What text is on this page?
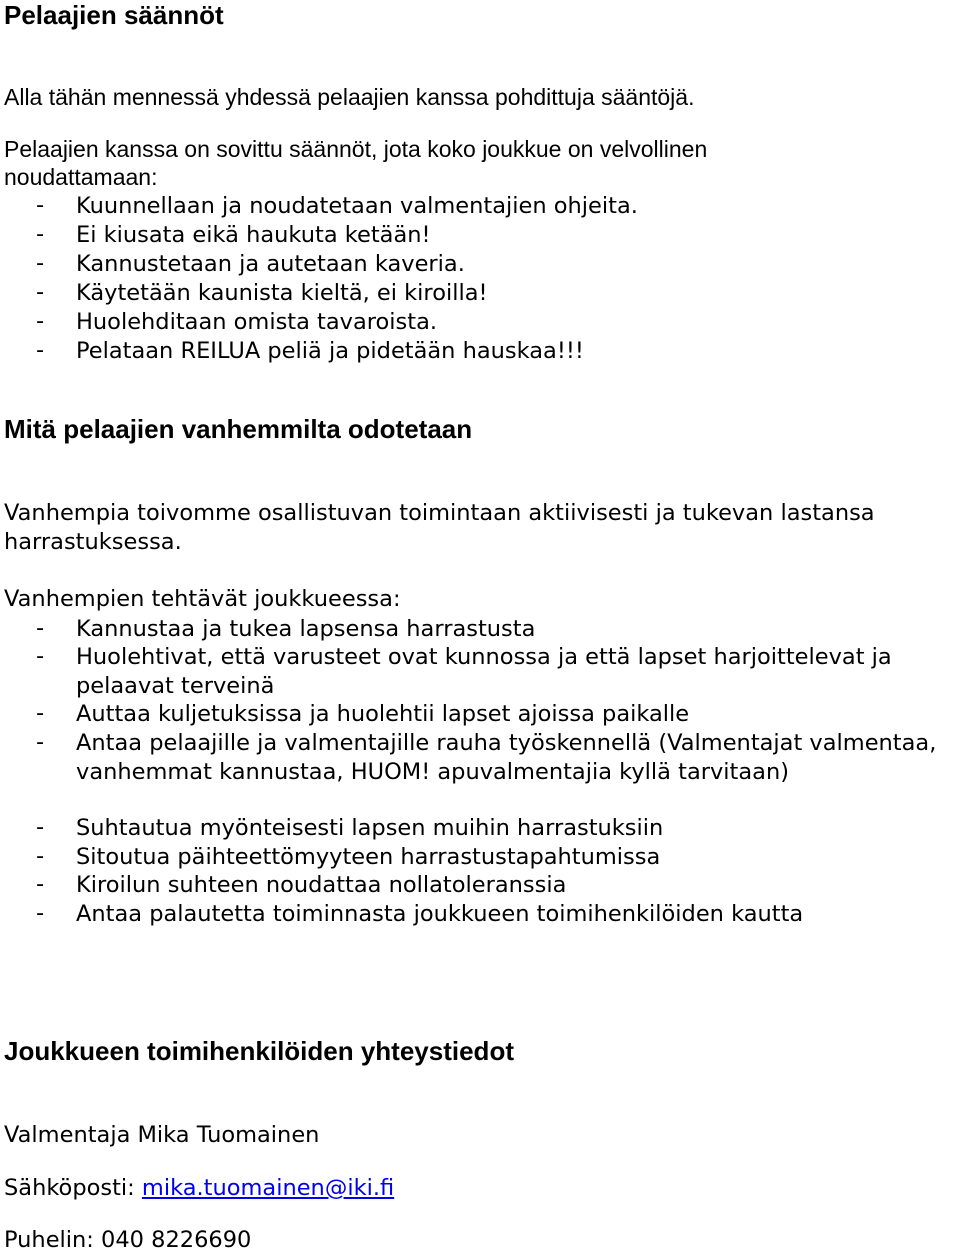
Pelaajien säännöt
Alla tähän mennessä yhdessä pelaajien kanssa pohdittuja sääntöjä.
Pelaajien kanssa on sovittu säännöt, jota koko joukkue on velvollinen
noudattamaan:
- Kuunnellaan ja noudatetaan valmentajien ohjeita.
- Ei kiusata eikä haukuta ketään!
- Kannustetaan ja autetaan kaveria.
- Käytetään kaunista kieltä, ei kiroilla!
- Huolehditaan omista tavaroista.
- Pelataan REILUA peliä ja pidetään hauskaa!!!
Mitä pelaajien vanhemmilta odotetaan
Vanhempia toivomme osallistuvan toimintaan aktiivisesti ja tukevan lastansa
harrastuksessa.
Vanhempien tehtävät joukkueessa:
- Kannustaa ja tukea lapsensa harrastusta
- Huolehtivat, että varusteet ovat kunnossa ja että lapset harjoittelevat ja pelaavat terveinä
- Auttaa kuljetuksissa ja huolehtii lapset ajoissa paikalle
- Antaa pelaajille ja valmentajille rauha työskennellä (Valmentajat valmentaa, vanhemmat kannustaa, HUOM! apuvalmentajia kyllä tarvitaan)
- Suhtautua myönteisesti lapsen muihin harrastuksiin
- Sitoutua päihteettömyyteen harrastustapahtumissa
- Kiroilun suhteen noudattaa nollatoleranssia
- Antaa palautetta toiminnasta joukkueen toimihenkilöiden kautta
Joukkueen toimihenkilöiden yhteystiedot
Valmentaja Mika Tuomainen
Sähköposti: mika.tuomainen@iki.fi
Puhelin: 040 8226690
